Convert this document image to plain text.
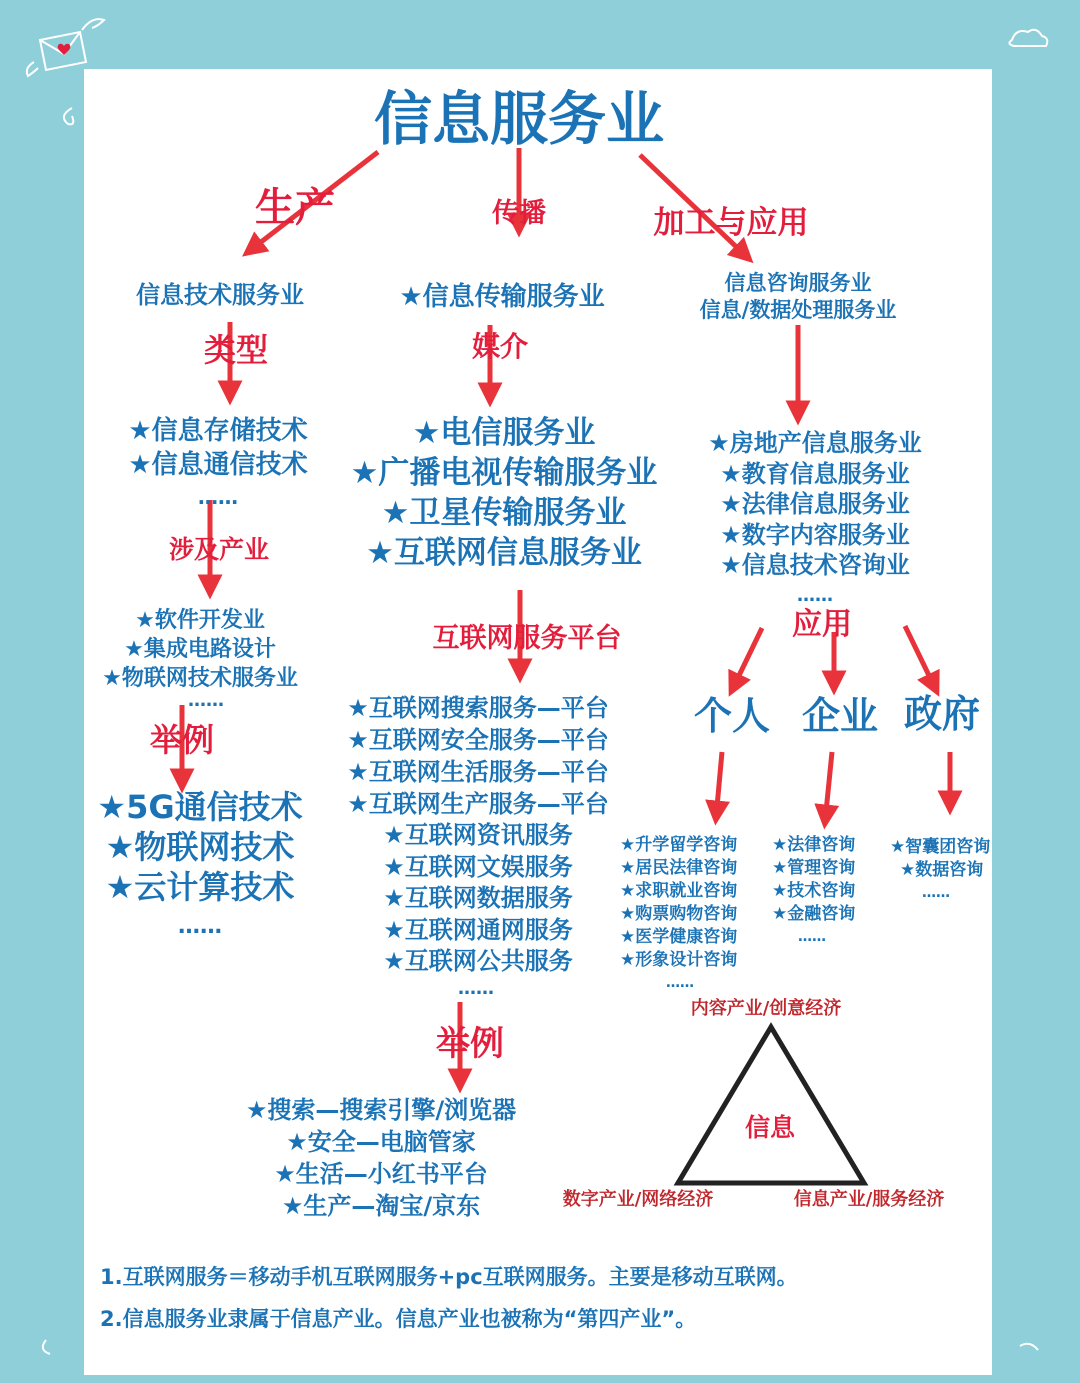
信息服务业
生产	传播	加工与应用
信息技术服务业
类型
★信息存储技术
★信息通信技术
……
涉及产业
★软件开发业
★集成电路设计
★物联网技术服务业
……
举例
★5G通信技术
★物联网技术
★云计算技术
……
★信息传输服务业
媒介
★电信服务业
★广播电视传输服务业
★卫星传输服务业
★互联网信息服务业
互联网服务平台
★互联网搜索服务—平台
★互联网安全服务—平台
★互联网生活服务—平台
★互联网生产服务—平台
★互联网资讯服务
★互联网文娱服务
★互联网数据服务
★互联网通网服务
★互联网公共服务
……
举例
★搜索—搜索引擎/浏览器
★安全—电脑管家
★生活—小红书平台
★生产—淘宝/京东
信息咨询服务业
信息/数据处理服务业
★房地产信息服务业
★教育信息服务业
★法律信息服务业
★数字内容服务业
★信息技术咨询业
……
应用
个人 企业 政府
★升学留学咨询
★居民法律咨询
★求职就业咨询
★购票购物咨询
★医学健康咨询
★形象设计咨询
……
★法律咨询
★管理咨询
★技术咨询
★金融咨询
……
★智囊团咨询
★数据咨询
……
内容产业/创意经济
信息
数字产业/网络经济	信息产业/服务经济
1.互联网服务＝移动手机互联网服务+pc互联网服务。主要是移动互联网。
2.信息服务业隶属于信息产业。信息产业也被称为“第四产业”。
